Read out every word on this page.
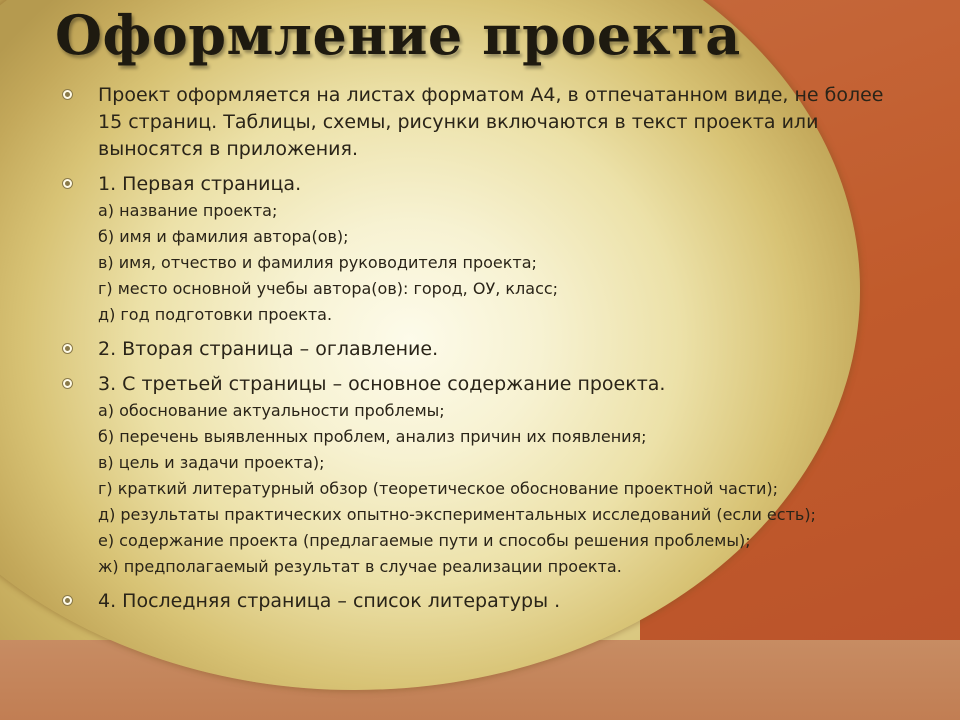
Оформление проекта
Проект оформляется на листах форматом А4, в отпечатанном виде, не более 15 страниц. Таблицы, схемы, рисунки включаются в текст проекта или выносятся в приложения.
1. Первая страница.
а) название проекта;
б) имя и фамилия автора(ов);
в) имя, отчество и фамилия руководителя проекта;
г) место основной учебы автора(ов): город, ОУ, класс;
д) год подготовки проекта.
2. Вторая страница – оглавление.
3. С третьей страницы – основное содержание проекта.
а) обоснование актуальности проблемы;
б) перечень выявленных проблем, анализ причин их появления;
в) цель и задачи проекта);
г) краткий литературный обзор (теоретическое обоснование проектной части);
д) результаты практических опытно-экспериментальных исследований (если есть);
е) содержание проекта (предлагаемые пути и способы решения проблемы);
ж) предполагаемый результат в случае реализации проекта.
4. Последняя страница – список литературы .
